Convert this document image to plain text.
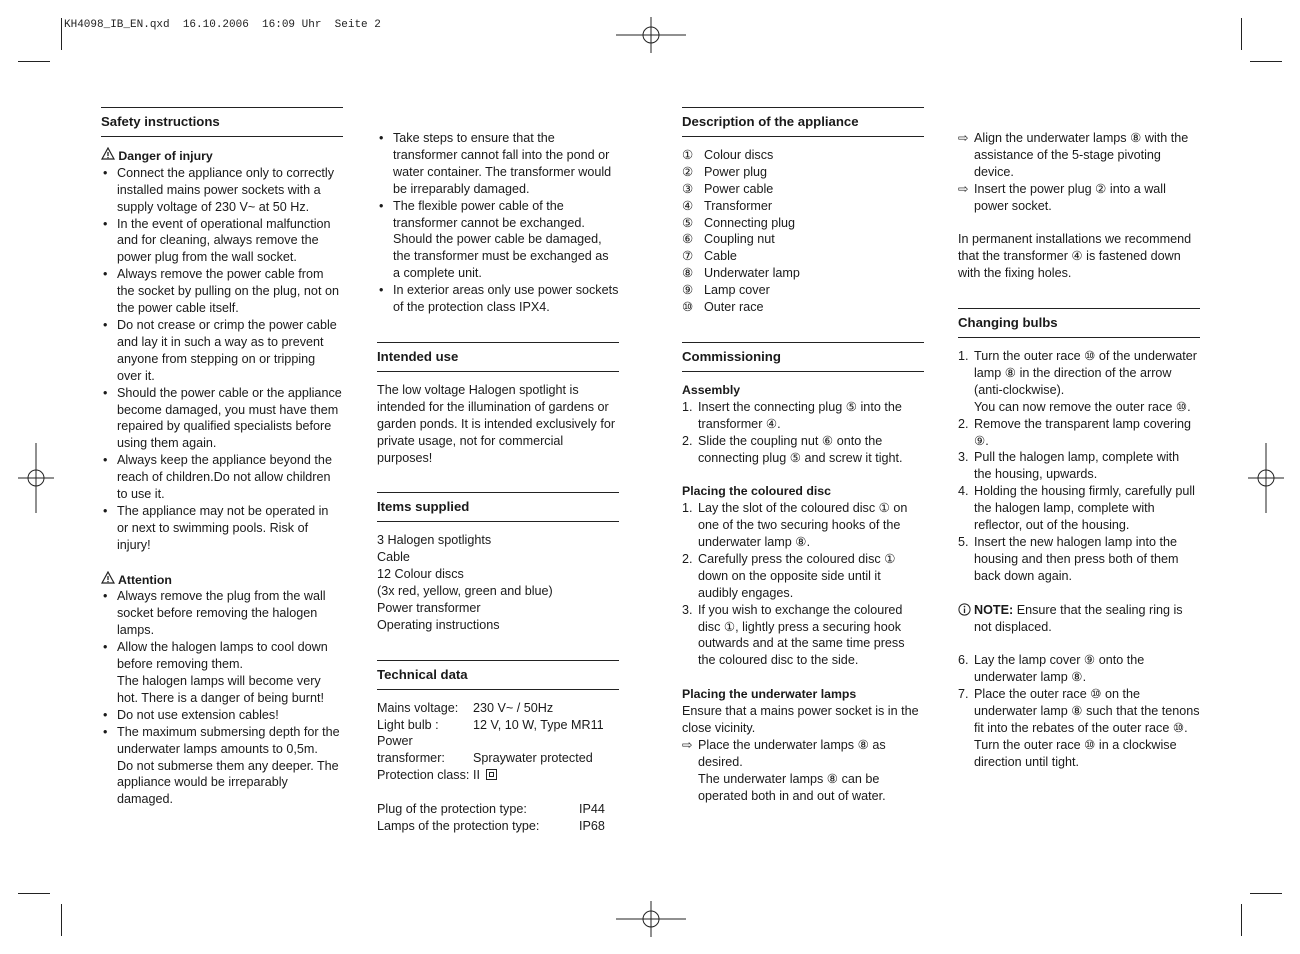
KH4098_IB_EN.qxd  16.10.2006  16:09 Uhr  Seite 2
Safety instructions
Danger of injury
• Connect the appliance only to correctly installed mains power sockets with a supply voltage of 230 V~ at 50 Hz.
• In the event of operational malfunction and for cleaning, always remove the power plug from the wall socket.
• Always remove the power cable from the socket by pulling on the plug, not on the power cable itself.
• Do not crease or crimp the power cable and lay it in such a way as to prevent anyone from stepping on or tripping over it.
• Should the power cable or the appliance become damaged, you must have them repaired by qualified specialists before using them again.
• Always keep the appliance beyond the reach of children.Do not allow children to use it.
• The appliance may not be operated in or next to swimming pools. Risk of injury!
Attention
• Always remove the plug from the wall socket before removing the halogen lamps.
• Allow the halogen lamps to cool down before removing them.
The halogen lamps will become very hot. There is a danger of being burnt!
• Do not use extension cables!
• The maximum submersing depth for the underwater lamps amounts to 0,5m.
Do not submerse them any deeper. The appliance would be irreparably damaged.
• Take steps to ensure that the transformer cannot fall into the pond or water container. The transformer would be irreparably damaged.
• The flexible power cable of the transformer cannot be exchanged. Should the power cable be damaged, the transformer must be exchanged as a complete unit.
• In exterior areas only use power sockets of the protection class IPX4.
Intended use
The low voltage Halogen spotlight is intended for the illumination of gardens or garden ponds. It is intended exclusively for private usage, not for commercial purposes!
Items supplied
3 Halogen spotlights
Cable
12 Colour discs
(3x red, yellow, green and blue)
Power transformer
Operating instructions
Technical data
Mains voltage:	230 V~ / 50Hz
Light bulb :	12 V, 10 W, Type MR11
Power	
transformer:	Spraywater protected
Protection class:	II
Plug of the protection type:	IP44
Lamps of the protection type:	IP68
Description of the appliance
① Colour discs
② Power plug
③ Power cable
④ Transformer
⑤ Connecting plug
⑥ Coupling nut
⑦ Cable
⑧ Underwater lamp
⑨ Lamp cover
⑩ Outer race
Commissioning
Assembly
1. Insert the connecting plug ⑤ into the transformer ④.
2. Slide the coupling nut ⑥ onto the connecting plug ⑤ and screw it tight.
Placing the coloured disc
1. Lay the slot of the coloured disc ① on one of the two securing hooks of the underwater lamp ⑧.
2. Carefully press the coloured disc ① down on the opposite side until it audibly engages.
3. If you wish to exchange the coloured disc ①, lightly press a securing hook outwards and at the same time press the coloured disc to the side.
Placing the underwater lamps
Ensure that a mains power socket is in the close vicinity.
⇨ Place the underwater lamps ⑧ as desired.
The underwater lamps ⑧ can be operated both in and out of water.
⇨ Align the underwater lamps ⑧ with the assistance of the 5-stage pivoting device.
⇨ Insert the power plug ② into a wall power socket.
In permanent installations we recommend that the transformer ④ is fastened down with the fixing holes.
Changing bulbs
1. Turn the outer race ⑩ of the underwater lamp ⑧ in the direction of the arrow (anti-clockwise).
You can now remove the outer race ⑩.
2. Remove the transparent lamp covering ⑨.
3. Pull the halogen lamp, complete with the housing, upwards.
4. Holding the housing firmly, carefully pull the halogen lamp, complete with reflector, out of the housing.
5. Insert the new halogen lamp into the housing and then press both of them back down again.
NOTE: Ensure that the sealing ring is not displaced.
6. Lay the lamp cover ⑨ onto the underwater lamp ⑧.
7. Place the outer race ⑩ on the underwater lamp ⑧ such that the tenons fit into the rebates of the outer race ⑩. Turn the outer race ⑩ in a clockwise direction until tight.
